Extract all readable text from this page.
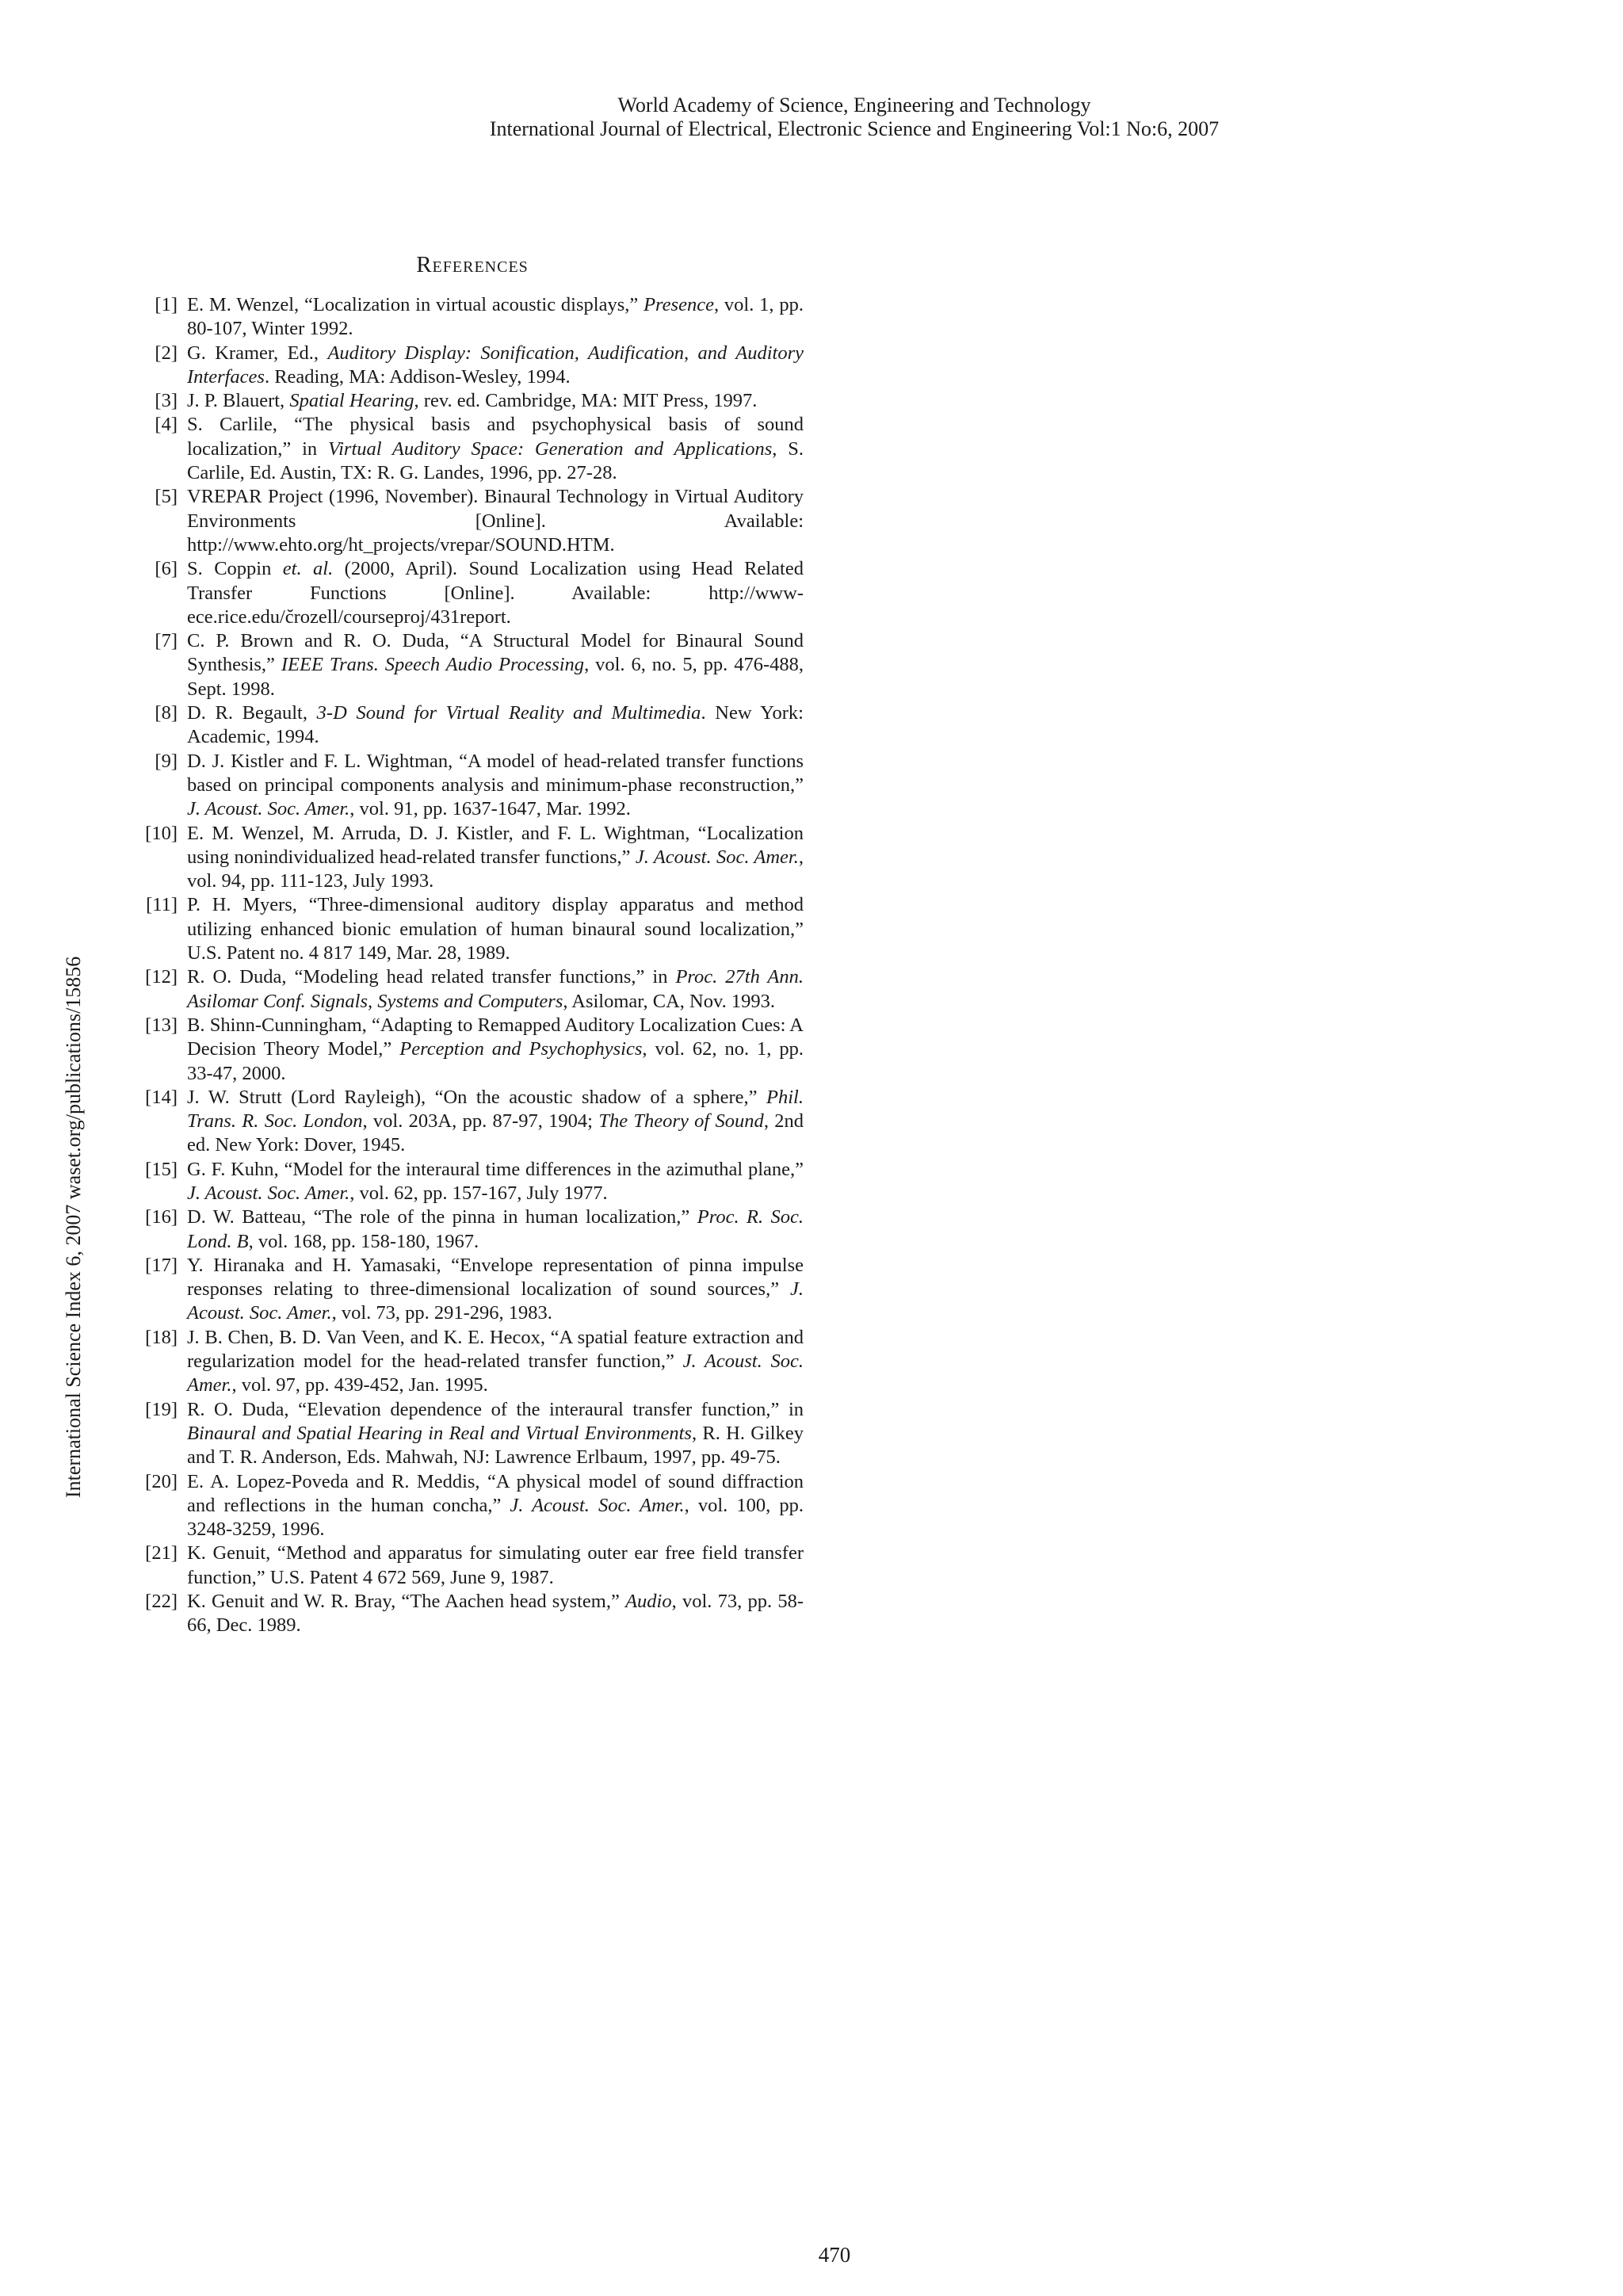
World Academy of Science, Engineering and Technology
International Journal of Electrical, Electronic Science and Engineering Vol:1 No:6, 2007
International Science Index 6, 2007 waset.org/publications/15856
References
[1] E. M. Wenzel, “Localization in virtual acoustic displays,” Presence, vol. 1, pp. 80-107, Winter 1992.
[2] G. Kramer, Ed., Auditory Display: Sonification, Audification, and Auditory Interfaces. Reading, MA: Addison-Wesley, 1994.
[3] J. P. Blauert, Spatial Hearing, rev. ed. Cambridge, MA: MIT Press, 1997.
[4] S. Carlile, “The physical basis and psychophysical basis of sound localization,” in Virtual Auditory Space: Generation and Applications, S. Carlile, Ed. Austin, TX: R. G. Landes, 1996, pp. 27-28.
[5] VREPAR Project (1996, November). Binaural Technology in Virtual Auditory Environments [Online]. Available: http://www.ehto.org/ht_projects/vrepar/SOUND.HTM.
[6] S. Coppin et. al. (2000, April). Sound Localization using Head Related Transfer Functions [Online]. Available: http://www-ece.rice.edu/c̆rozell/courseproj/431report.
[7] C. P. Brown and R. O. Duda, “A Structural Model for Binaural Sound Synthesis,” IEEE Trans. Speech Audio Processing, vol. 6, no. 5, pp. 476-488, Sept. 1998.
[8] D. R. Begault, 3-D Sound for Virtual Reality and Multimedia. New York: Academic, 1994.
[9] D. J. Kistler and F. L. Wightman, “A model of head-related transfer functions based on principal components analysis and minimum-phase reconstruction,” J. Acoust. Soc. Amer., vol. 91, pp. 1637-1647, Mar. 1992.
[10] E. M. Wenzel, M. Arruda, D. J. Kistler, and F. L. Wightman, “Localization using nonindividualized head-related transfer functions,” J. Acoust. Soc. Amer., vol. 94, pp. 111-123, July 1993.
[11] P. H. Myers, “Three-dimensional auditory display apparatus and method utilizing enhanced bionic emulation of human binaural sound localization,” U.S. Patent no. 4 817 149, Mar. 28, 1989.
[12] R. O. Duda, “Modeling head related transfer functions,” in Proc. 27th Ann. Asilomar Conf. Signals, Systems and Computers, Asilomar, CA, Nov. 1993.
[13] B. Shinn-Cunningham, “Adapting to Remapped Auditory Localization Cues: A Decision Theory Model,” Perception and Psychophysics, vol. 62, no. 1, pp. 33-47, 2000.
[14] J. W. Strutt (Lord Rayleigh), “On the acoustic shadow of a sphere,” Phil. Trans. R. Soc. London, vol. 203A, pp. 87-97, 1904; The Theory of Sound, 2nd ed. New York: Dover, 1945.
[15] G. F. Kuhn, “Model for the interaural time differences in the azimuthal plane,” J. Acoust. Soc. Amer., vol. 62, pp. 157-167, July 1977.
[16] D. W. Batteau, “The role of the pinna in human localization,” Proc. R. Soc. Lond. B, vol. 168, pp. 158-180, 1967.
[17] Y. Hiranaka and H. Yamasaki, “Envelope representation of pinna impulse responses relating to three-dimensional localization of sound sources,” J. Acoust. Soc. Amer., vol. 73, pp. 291-296, 1983.
[18] J. B. Chen, B. D. Van Veen, and K. E. Hecox, “A spatial feature extraction and regularization model for the head-related transfer function,” J. Acoust. Soc. Amer., vol. 97, pp. 439-452, Jan. 1995.
[19] R. O. Duda, “Elevation dependence of the interaural transfer function,” in Binaural and Spatial Hearing in Real and Virtual Environments, R. H. Gilkey and T. R. Anderson, Eds. Mahwah, NJ: Lawrence Erlbaum, 1997, pp. 49-75.
[20] E. A. Lopez-Poveda and R. Meddis, “A physical model of sound diffraction and reflections in the human concha,” J. Acoust. Soc. Amer., vol. 100, pp. 3248-3259, 1996.
[21] K. Genuit, “Method and apparatus for simulating outer ear free field transfer function,” U.S. Patent 4 672 569, June 9, 1987.
[22] K. Genuit and W. R. Bray, “The Aachen head system,” Audio, vol. 73, pp. 58-66, Dec. 1989.
470
